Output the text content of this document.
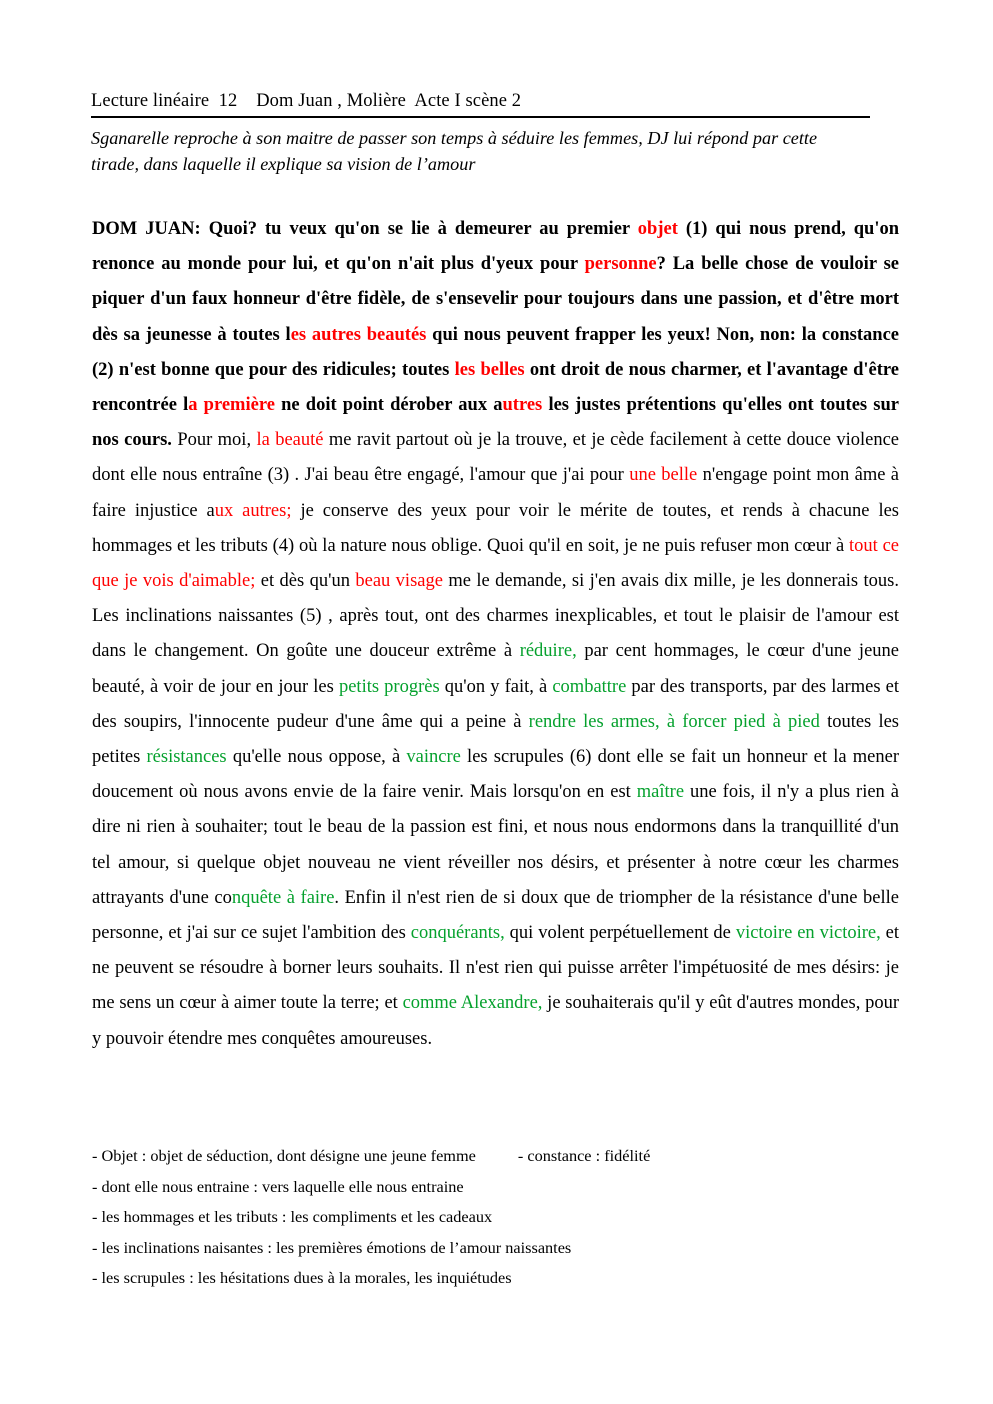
Lecture linéaire  12    Dom Juan , Molière  Acte I scène 2
Sganarelle reproche à son maitre de passer son temps à séduire les femmes, DJ lui répond par cette tirade, dans laquelle il explique sa vision de l’amour
DOM JUAN: Quoi? tu veux qu'on se lie à demeurer au premier objet (1) qui nous prend, qu'on renonce au monde pour lui, et qu'on n'ait plus d'yeux pour personne? La belle chose de vouloir se piquer d'un faux honneur d'être fidèle, de s'ensevelir pour toujours dans une passion, et d'être mort dès sa jeunesse à toutes les autres beautés qui nous peuvent frapper les yeux! Non, non: la constance (2) n'est bonne que pour des ridicules; toutes les belles ont droit de nous charmer, et l'avantage d'être rencontrée la première ne doit point dérober aux autres les justes prétentions qu'elles ont toutes sur nos cours. Pour moi, la beauté me ravit partout où je la trouve, et je cède facilement à cette douce violence dont elle nous entraîne (3) . J'ai beau être engagé, l'amour que j'ai pour une belle n'engage point mon âme à faire injustice aux autres; je conserve des yeux pour voir le mérite de toutes, et rends à chacune les hommages et les tributs (4) où la nature nous oblige. Quoi qu'il en soit, je ne puis refuser mon cœur à tout ce que je vois d'aimable; et dès qu'un beau visage me le demande, si j'en avais dix mille, je les donnerais tous. Les inclinations naissantes (5) , après tout, ont des charmes inexplicables, et tout le plaisir de l'amour est dans le changement. On goûte une douceur extrême à réduire, par cent hommages, le cœur d'une jeune beauté, à voir de jour en jour les petits progrès qu'on y fait, à combattre par des transports, par des larmes et des soupirs, l'innocente pudeur d'une âme qui a peine à rendre les armes, à forcer pied à pied toutes les petites résistances qu'elle nous oppose, à vaincre les scrupules (6) dont elle se fait un honneur et la mener doucement où nous avons envie de la faire venir. Mais lorsqu'on en est maître une fois, il n'y a plus rien à dire ni rien à souhaiter; tout le beau de la passion est fini, et nous nous endormons dans la tranquillité d'un tel amour, si quelque objet nouveau ne vient réveiller nos désirs, et présenter à notre cœur les charmes attrayants d'une conquête à faire. Enfin il n'est rien de si doux que de triompher de la résistance d'une belle personne, et j'ai sur ce sujet l'ambition des conquérants, qui volent perpétuellement de victoire en victoire, et ne peuvent se résoudre à borner leurs souhaits. Il n'est rien qui puisse arrêter l'impétuosité de mes désirs: je me sens un cœur à aimer toute la terre; et comme Alexandre, je souhaiterais qu'il y eût d'autres mondes, pour y pouvoir étendre mes conquêtes amoureuses.
- Objet : objet de séduction, dont désigne une jeune femme	- constance : fidélité
- dont elle nous entraine : vers laquelle elle nous entraine
- les hommages et les tributs : les compliments et les cadeaux
- les inclinations naisantes : les premières émotions de l’amour naissantes
- les scrupules : les hésitations dues à la morales, les inquiétudes
